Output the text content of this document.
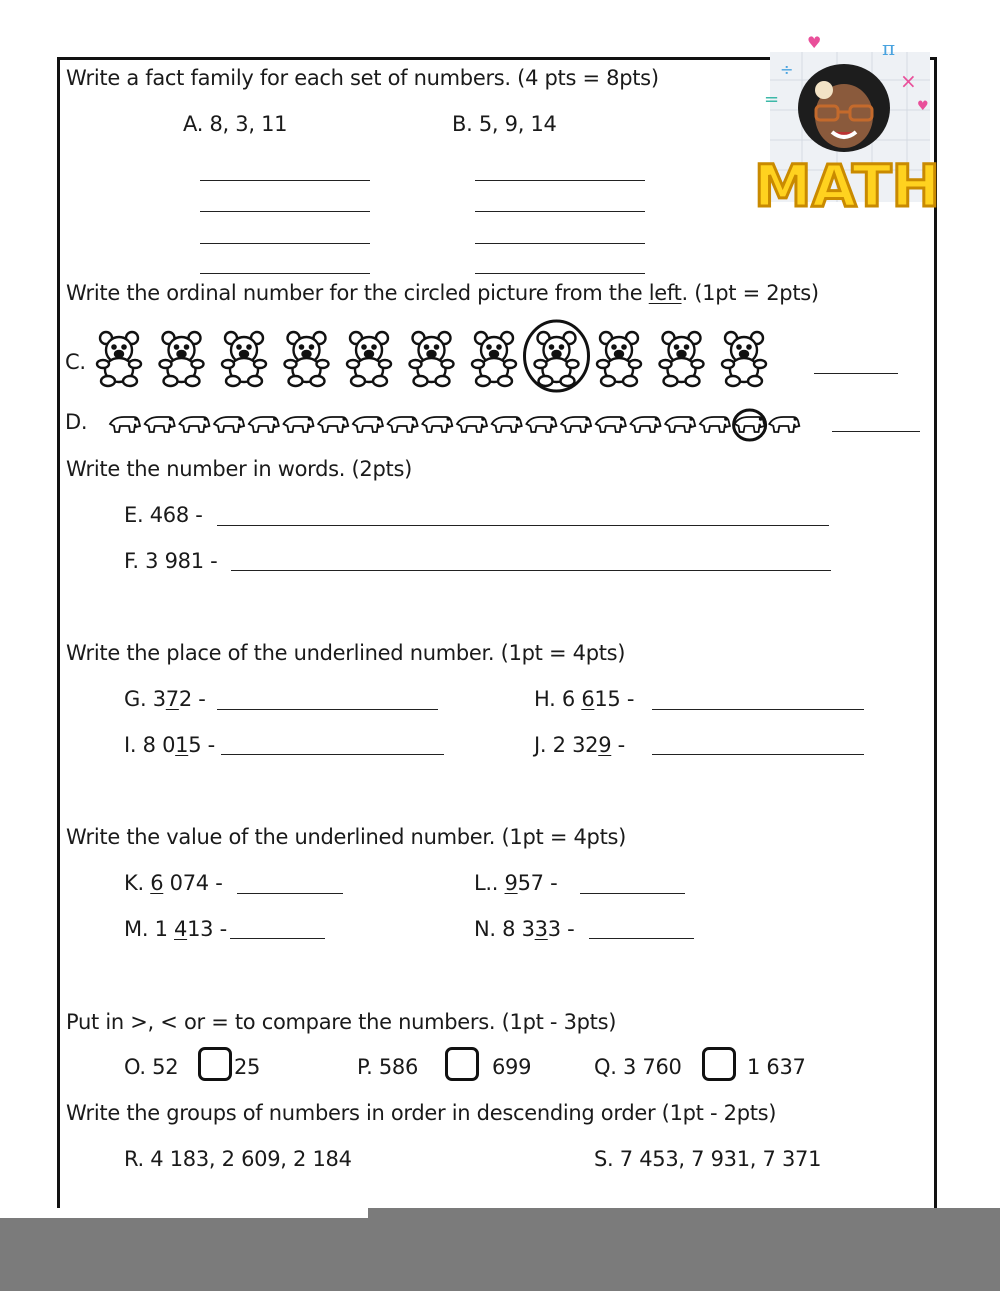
π
×
÷
=
♥
♥
MATH
Write a fact family for each set of numbers. (4 pts = 8pts)
A. 8, 3, 11	B. 5, 9, 14
Write the ordinal number for the circled picture from the left. (1pt = 2pts)
C.
D.
Write the number in words. (2pts)
E. 468 -
F. 3 981 -
Write the place of the underlined number. (1pt = 4pts)
G. 372 -	H. 6 615 -
I. 8 015 -	J. 2 329 -
Write the value of the underlined number. (1pt = 4pts)
K. 6 074 -	L.. 957 -
M. 1 413 -	N. 8 333 -
Put in >, < or = to compare the numbers. (1pt - 3pts)
O. 52	25	P. 586	699	Q. 3 760	1 637
Write the groups of numbers in order in descending order (1pt - 2pts)
R. 4 183, 2 609, 2 184	S. 7 453, 7 931, 7 371
